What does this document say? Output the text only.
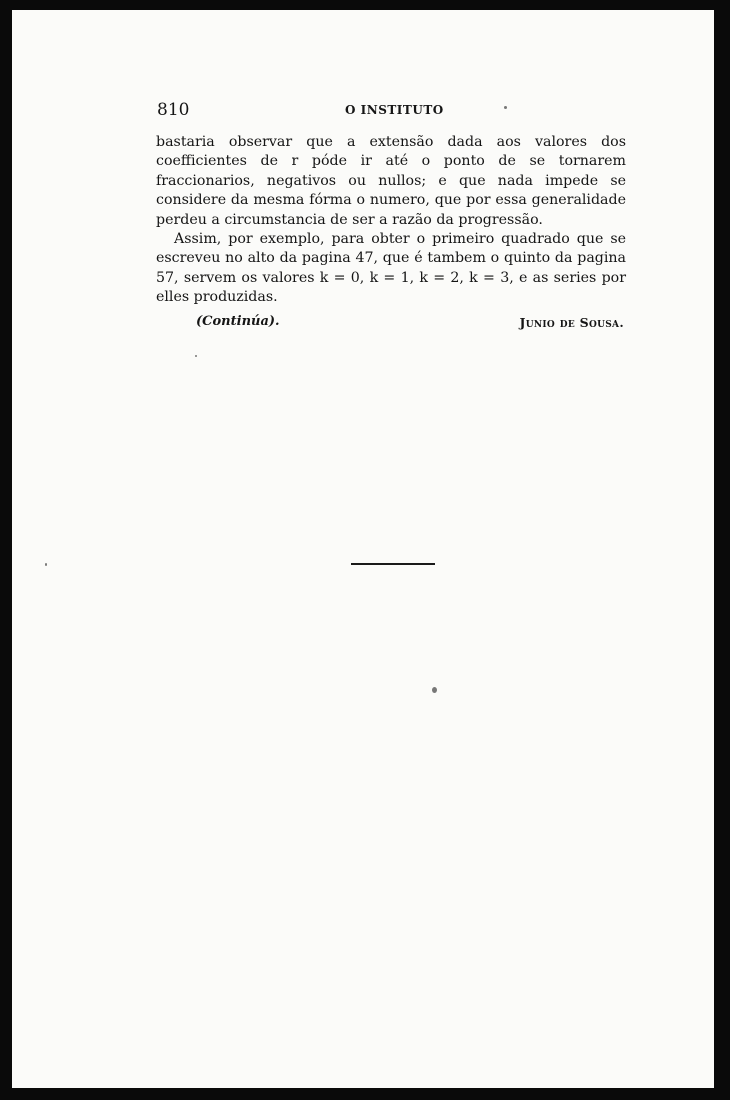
810	O INSTITUTO

bastaria observar que a extensão dada aos valores dos coefficientes de r póde ir até o ponto de se tornarem fraccionarios, negativos ou nullos; e que nada impede se considere da mesma fórma o numero, que por essa generalidade perdeu a circumstancia de ser a razão da progressão.

Assim, por exemplo, para obter o primeiro quadrado que se escreveu no alto da pagina 47, que é tambem o quinto da pagina 57, servem os valores k = 0, k = 1, k = 2, k = 3, e as series por elles produzidas.

(Continúa).	Junio de Sousa.
